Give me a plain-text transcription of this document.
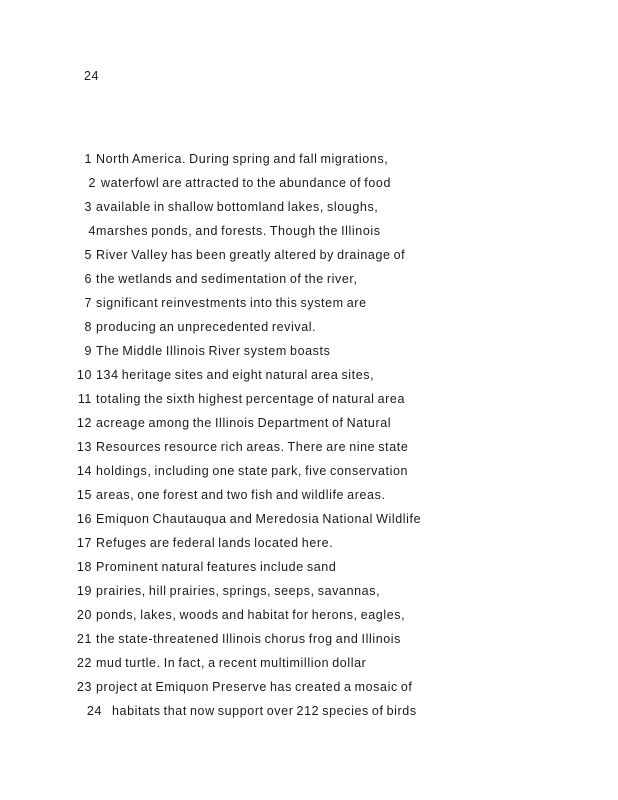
24
1 North America. During spring and fall migrations,
2 waterfowl are attracted to the abundance of food
3 available in shallow bottomland lakes, sloughs,
4 marshes ponds, and forests. Though the Illinois
5 River Valley has been greatly altered by drainage of
6 the wetlands and sedimentation of the river,
7 significant reinvestments into this system are
8 producing an unprecedented revival.
9 The Middle Illinois River system boasts
10 134 heritage sites and eight natural area sites,
11 totaling the sixth highest percentage of natural area
12 acreage among the Illinois Department of Natural
13 Resources resource rich areas. There are nine state
14 holdings, including one state park, five conservation
15 areas, one forest and two fish and wildlife areas.
16 Emiquon Chautauqua and Meredosia National Wildlife
17 Refuges are federal lands located here.
18 Prominent natural features include sand
19 prairies, hill prairies, springs, seeps, savannas,
20 ponds, lakes, woods and habitat for herons, eagles,
21 the state-threatened Illinois chorus frog and Illinois
22 mud turtle. In fact, a recent multimillion dollar
23 project at Emiquon Preserve has created a mosaic of
24 habitats that now support over 212 species of birds
